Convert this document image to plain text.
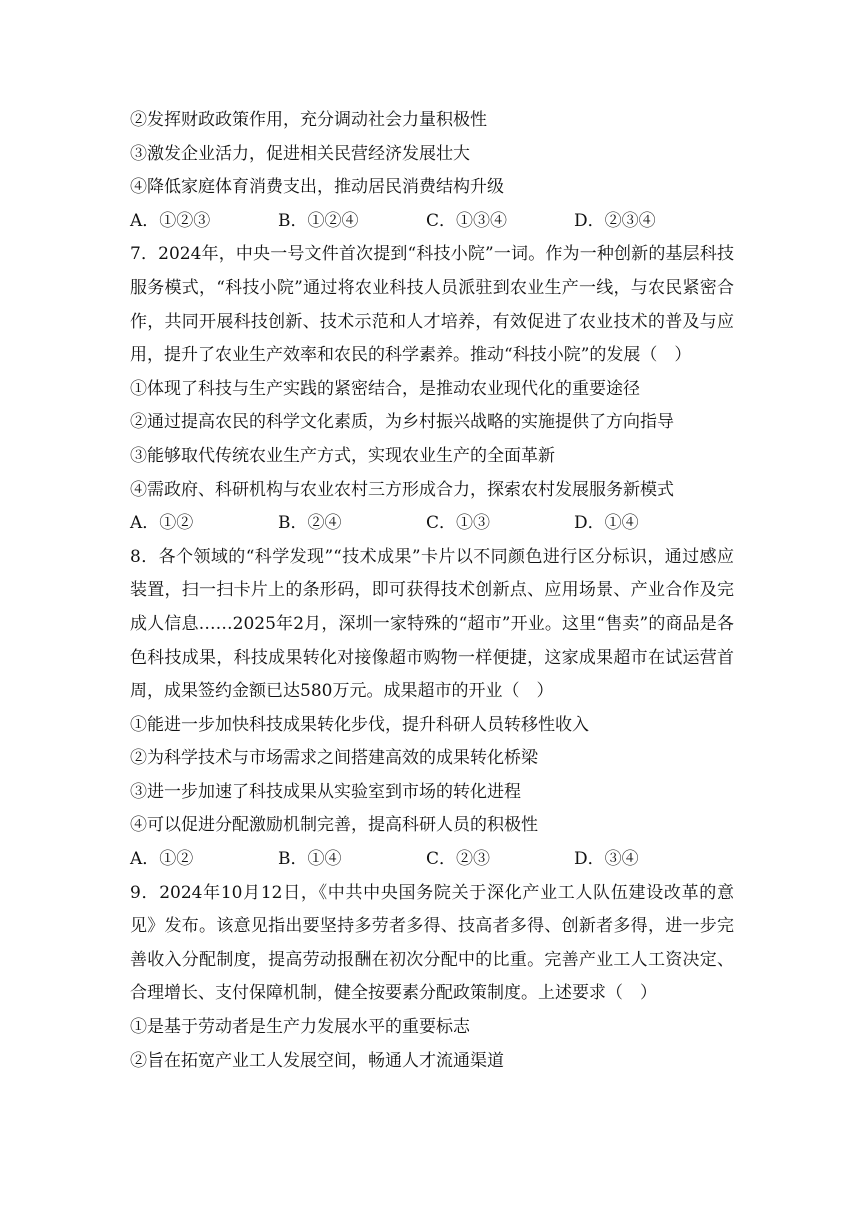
②发挥财政政策作用，充分调动社会力量积极性
③激发企业活力，促进相关民营经济发展壮大
④降低家庭体育消费支出，推动居民消费结构升级
A．①②③	B．①②④	C．①③④	D．②③④
7．2024年，中央一号文件首次提到“科技小院”一词。作为一种创新的基层科技服务模式，“科技小院”通过将农业科技人员派驻到农业生产一线，与农民紧密合作，共同开展科技创新、技术示范和人才培养，有效促进了农业技术的普及与应用，提升了农业生产效率和农民的科学素养。推动“科技小院”的发展（　）
①体现了科技与生产实践的紧密结合，是推动农业现代化的重要途径
②通过提高农民的科学文化素质，为乡村振兴战略的实施提供了方向指导
③能够取代传统农业生产方式，实现农业生产的全面革新
④需政府、科研机构与农业农村三方形成合力，探索农村发展服务新模式
A．①②	B．②④	C．①③	D．①④
8．各个领域的“科学发现”“技术成果”卡片以不同颜色进行区分标识，通过感应装置，扫一扫卡片上的条形码，即可获得技术创新点、应用场景、产业合作及完成人信息……2025年2月，深圳一家特殊的“超市”开业。这里“售卖”的商品是各色科技成果，科技成果转化对接像超市购物一样便捷，这家成果超市在试运营首周，成果签约金额已达580万元。成果超市的开业（　）
①能进一步加快科技成果转化步伐，提升科研人员转移性收入
②为科学技术与市场需求之间搭建高效的成果转化桥梁
③进一步加速了科技成果从实验室到市场的转化进程
④可以促进分配激励机制完善，提高科研人员的积极性
A．①②	B．①④	C．②③	D．③④
9．2024年10月12日，《中共中央国务院关于深化产业工人队伍建设改革的意见》发布。该意见指出要坚持多劳者多得、技高者多得、创新者多得，进一步完善收入分配制度，提高劳动报酬在初次分配中的比重。完善产业工人工资决定、合理增长、支付保障机制，健全按要素分配政策制度。上述要求（　）
①是基于劳动者是生产力发展水平的重要标志
②旨在拓宽产业工人发展空间，畅通人才流通渠道
